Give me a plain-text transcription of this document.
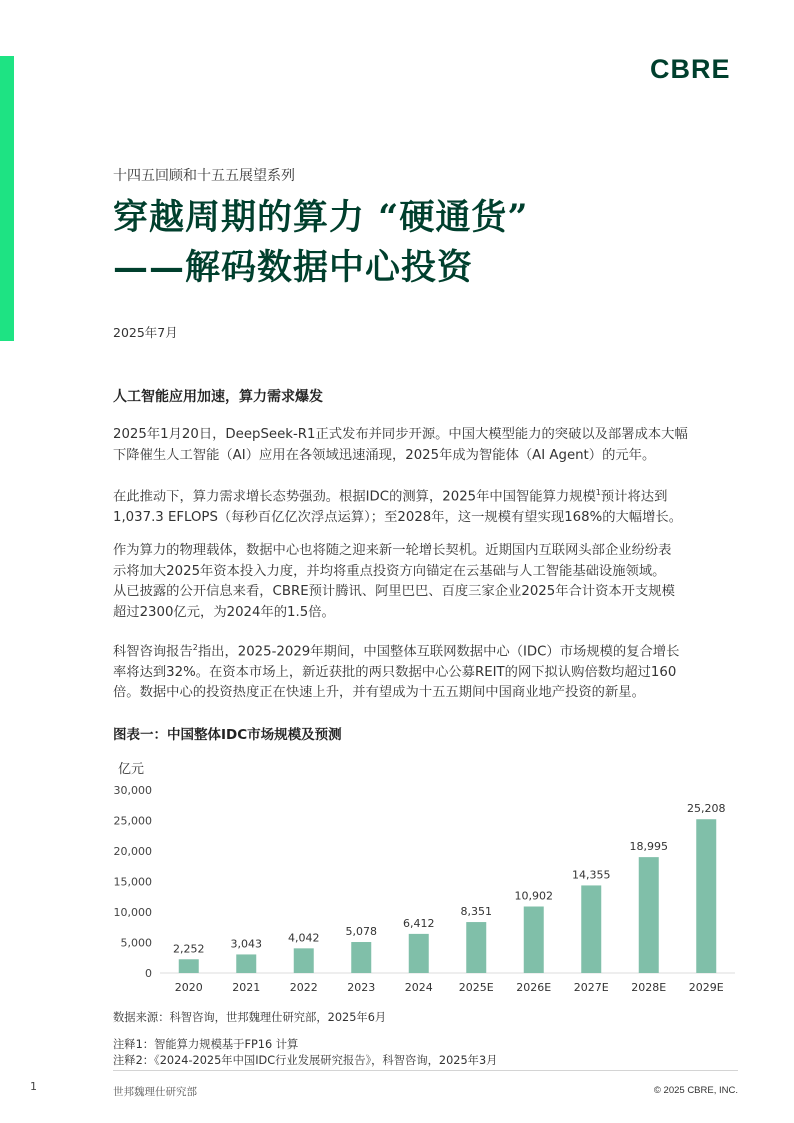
CBRE
十四五回顾和十五五展望系列
穿越周期的算力 “硬通货”
——解码数据中心投资
2025年7月
人工智能应用加速，算力需求爆发
2025年1月20日，DeepSeek-R1正式发布并同步开源。中国大模型能力的突破以及部署成本大幅
下降催生人工智能（AI）应用在各领域迅速涌现，2025年成为智能体（AI Agent）的元年。
在此推动下，算力需求增长态势强劲。根据IDC的测算，2025年中国智能算力规模$^1$预计将达到
1,037.3 EFLOPS（每秒百亿亿次浮点运算）；至2028年，这一规模有望实现168%的大幅增长。
作为算力的物理载体，数据中心也将随之迎来新一轮增长契机。近期国内互联网头部企业纷纷表
示将加大2025年资本投入力度，并均将重点投资方向锚定在云基础与人工智能基础设施领域。
从已披露的公开信息来看，CBRE预计腾讯、阿里巴巴、百度三家企业2025年合计资本开支规模
超过2300亿元，为2024年的1.5倍。
科智咨询报告$^2$指出，2025-2029年期间，中国整体互联网数据中心（IDC）市场规模的复合增长
率将达到32%。在资本市场上，新近获批的两只数据中心公募REIT的网下拟认购倍数均超过160
倍。数据中心的投资热度正在快速上升，并有望成为十五五期间中国商业地产投资的新星。
图表一：中国整体IDC市场规模及预测
亿元
0
5,000
10,000
15,000
20,000
25,000
30,000
2,252
2020
3,043
2021
4,042
2022
5,078
2023
6,412
2024
8,351
2025E
10,902
2026E
14,355
2027E
18,995
2028E
25,208
2029E
数据来源：科智咨询，世邦魏理仕研究部，2025年6月
注释1：智能算力规模基于FP16 计算
注释2：《2024-2025年中国IDC行业发展研究报告》，科智咨询，2025年3月
1	世邦魏理仕研究部	© 2025 CBRE, INC.
